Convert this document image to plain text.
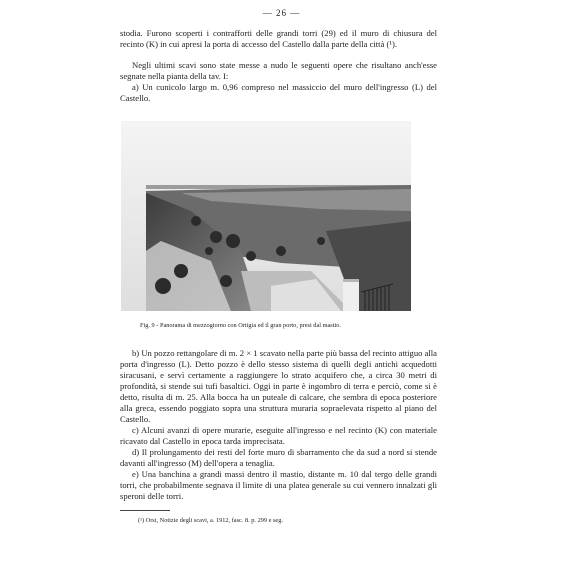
— 26 —

stodia. Furono scoperti i contrafforti delle grandi torri (29) ed il muro di chiusura del recinto (K) in cui apresi la porta di accesso del Castello dalla parte della città (¹).

Negli ultimi scavi sono state messe a nudo le seguenti opere che risultano anch'esse segnate nella pianta della tav. I:

a) Un cunicolo largo m. 0,96 compreso nel massiccio del muro dell'ingresso (L) del Castello.

Fig. 9 - Panorama di mezzogiorno con Ortigia ed il gran porto, presi dal mastio.

b) Un pozzo rettangolare di m. 2 × 1 scavato nella parte più bassa del recinto attiguo alla porta d'ingresso (L). Detto pozzo è dello stesso sistema di quelli degli antichi acquedotti siracusani, e servì certamente a raggiungere lo strato acquifero che, a circa 30 metri di profondità, si stende sui tufi basaltici. Oggi in parte è ingombro di terra e perciò, come si è detto, risulta di m. 25. Alla bocca ha un puteale di calcare, che sembra di epoca posteriore alla greca, essendo poggiato sopra una struttura muraria sopraelevata rispetto al piano del Castello.

c) Alcuni avanzi di opere murarie, eseguite all'ingresso e nel recinto (K) con materiale ricavato dal Castello in epoca tarda imprecisata.

d) Il prolungamento dei resti del forte muro di sbarramento che da sud a nord si stende davanti all'ingresso (M) dell'opera a tenaglia.

e) Una banchina a grandi massi dentro il mastio, distante m. 10 dal tergo delle grandi torri, che probabilmente segnava il limite di una platea generale su cui vennero innalzati gli speroni delle torri.

(¹) Orsi, Notizie degli scavi, a. 1912, fasc. 8. p. 299 e seg.
